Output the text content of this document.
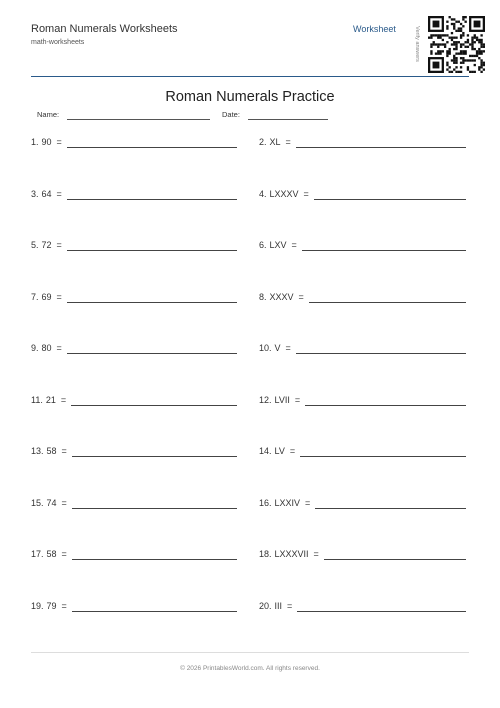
Roman Numerals Worksheets
math-worksheets
Worksheet	Verify answers
Roman Numerals Practice
Name:	Date:
1. 90 =	2. XL =
3. 64 =	4. LXXXV =
5. 72 =	6. LXV =
7. 69 =	8. XXXV =
9. 80 =	10. V =
11. 21 =	12. LVII =
13. 58 =	14. LV =
15. 74 =	16. LXXIV =
17. 58 =	18. LXXXVII =
19. 79 =	20. III =
© 2026 PrintablesWorld.com. All rights reserved.
